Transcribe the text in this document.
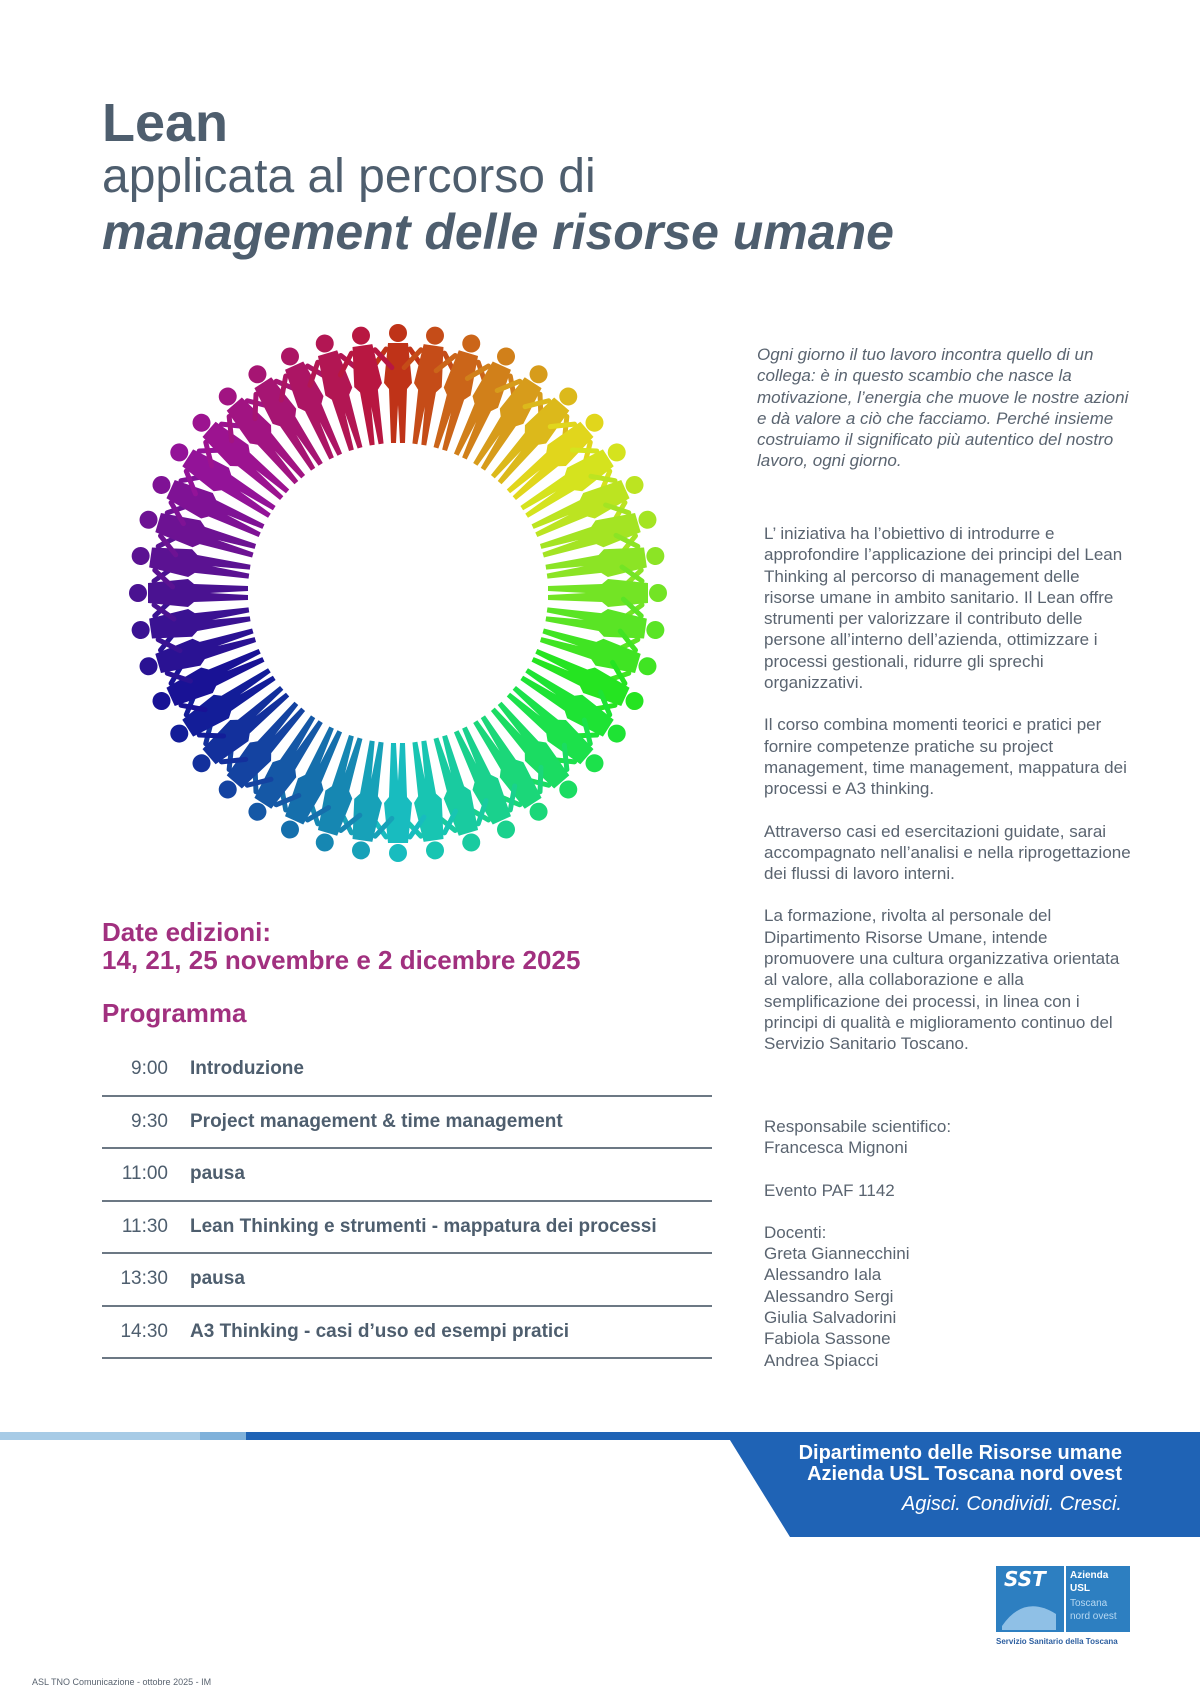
Lean
applicata al percorso di
management delle risorse umane
Ogni giorno il tuo lavoro incontra quello di un collega: è in questo scambio che nasce la motivazione, l’energia che muove le nostre azioni e dà valore a ciò che facciamo. Perché insieme costruiamo il significato più autentico del nostro lavoro, ogni giorno.

L’ iniziativa ha l’obiettivo di introdurre e approfondire l’applicazione dei principi del Lean Thinking al percorso di management delle risorse umane in ambito sanitario. Il Lean offre strumenti per valorizzare il contributo delle persone all’interno dell’azienda, ottimizzare i processi gestionali, ridurre gli sprechi organizzativi.

Il corso combina momenti teorici e pratici per fornire competenze pratiche su project management, time management, mappatura dei processi e A3 thinking.

Attraverso casi ed esercitazioni guidate, sarai accompagnato nell’analisi e nella riprogettazione dei flussi di lavoro interni.

La formazione, rivolta al personale del Dipartimento Risorse Umane, intende promuovere una cultura organizzativa orientata al valore, alla collaborazione e alla semplificazione dei processi, in linea con i principi di qualità e miglioramento continuo del Servizio Sanitario Toscano.

Responsabile scientifico:
Francesca Mignoni
Evento PAF 1142
Docenti:
Greta Giannecchini
Alessandro Iala
Alessandro Sergi
Giulia Salvadorini
Fabiola Sassone
Andrea Spiacci
Date edizioni:
14, 21, 25 novembre e 2 dicembre 2025
Programma
9:00 Introduzione
9:30 Project management & time management
11:00 pausa
11:30 Lean Thinking e strumenti - mappatura dei processi
13:30 pausa
14:30 A3 Thinking - casi d’uso ed esempi pratici
Dipartimento delle Risorse umane
Azienda USL Toscana nord ovest
Agisci. Condividi. Cresci.
SST Azienda
USL
Toscana
nord ovest
Servizio Sanitario della Toscana
ASL TNO Comunicazione - ottobre 2025 - IM
